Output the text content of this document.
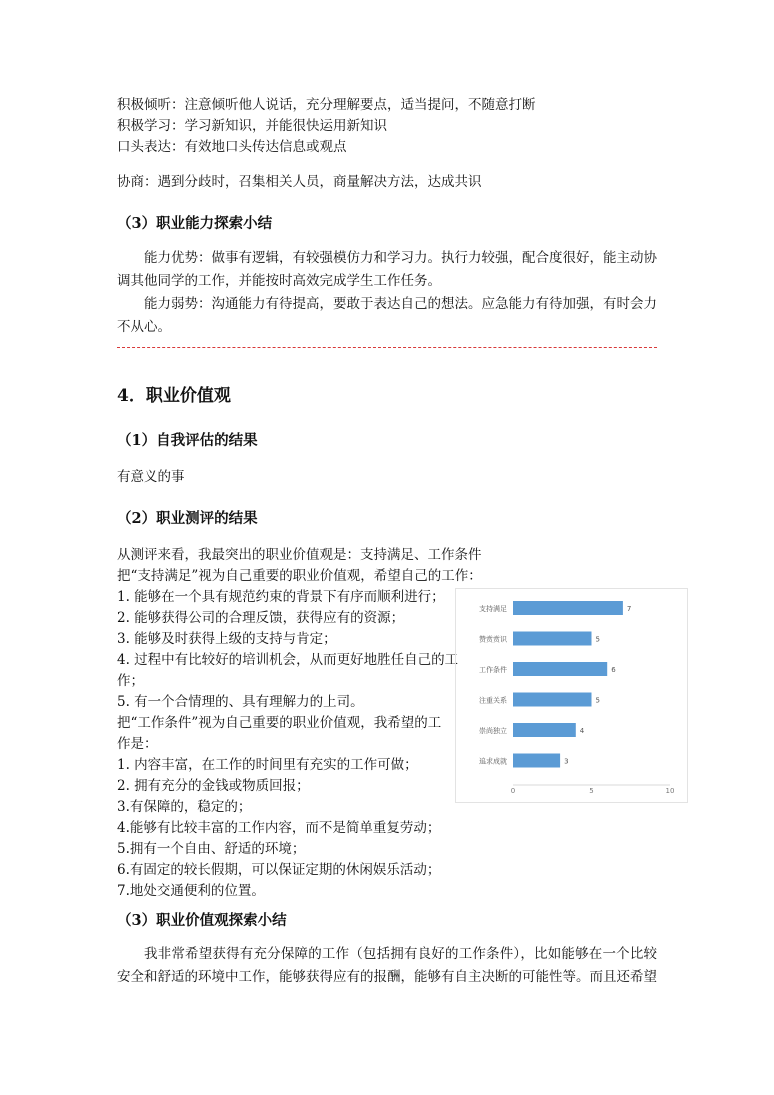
积极倾听：注意倾听他人说话，充分理解要点，适当提问，不随意打断
积极学习：学习新知识，并能很快运用新知识
口头表达：有效地口头传达信息或观点
协商：遇到分歧时，召集相关人员，商量解决方法，达成共识
（3）职业能力探索小结
能力优势：做事有逻辑，有较强模仿力和学习力。执行力较强，配合度很好，能主动协调其他同学的工作，并能按时高效完成学生工作任务。
能力弱势：沟通能力有待提高，要敢于表达自己的想法。应急能力有待加强，有时会力不从心。
4．职业价值观
（1）自我评估的结果
有意义的事
（2）职业测评的结果
从测评来看，我最突出的职业价值观是：支持满足、工作条件
把“支持满足”视为自己重要的职业价值观，希望自己的工作：
1. 能够在一个具有规范约束的背景下有序而顺利进行；
2. 能够获得公司的合理反馈，获得应有的资源；
3. 能够及时获得上级的支持与肯定；
4. 过程中有比较好的培训机会，从而更好地胜任自己的工
作；
5. 有一个合情理的、具有理解力的上司。
把“工作条件”视为自己重要的职业价值观，我希望的工
作是：
1. 内容丰富，在工作的时间里有充实的工作可做；
2. 拥有充分的金钱或物质回报；
3.有保障的，稳定的；
4.能够有比较丰富的工作内容，而不是简单重复劳动；
5.拥有一个自由、舒适的环境；
6.有固定的较长假期，可以保证定期的休闲娱乐活动；
7.地处交通便利的位置。
支持满足	7
赞赏赏识	5
工作条件	6
注重关系	5
崇尚独立	4
追求成就	3
0	5	10
（3）职业价值观探索小结
我非常希望获得有充分保障的工作（包括拥有良好的工作条件），比如能够在一个比较安全和舒适的环境中工作，能够获得应有的报酬，能够有自主决断的可能性等。而且还希望
